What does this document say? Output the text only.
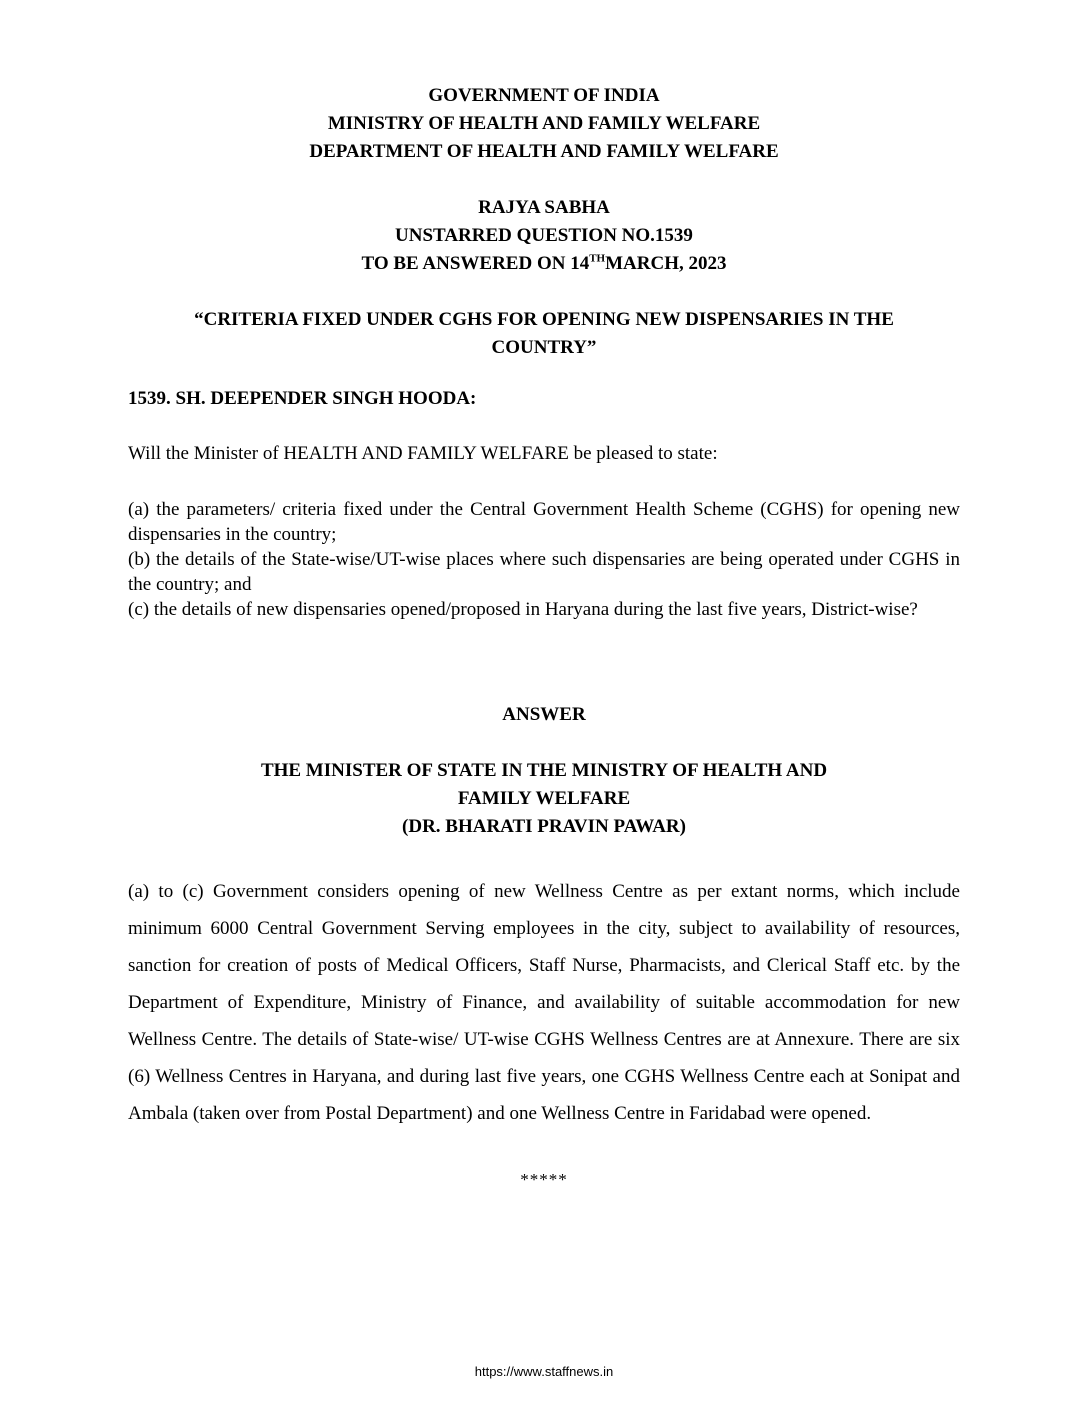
GOVERNMENT OF INDIA
MINISTRY OF HEALTH AND FAMILY WELFARE
DEPARTMENT OF HEALTH AND FAMILY WELFARE
RAJYA SABHA
UNSTARRED QUESTION NO.1539
TO BE ANSWERED ON 14THMARCH, 2023
“CRITERIA FIXED UNDER CGHS FOR OPENING NEW DISPENSARIES IN THE
COUNTRY”
1539. SH. DEEPENDER SINGH HOODA:
Will the Minister of HEALTH AND FAMILY WELFARE be pleased to state:
(a) the parameters/ criteria fixed under the Central Government Health Scheme (CGHS) for opening new dispensaries in the country;
(b) the details of the State-wise/UT-wise places where such dispensaries are being operated under CGHS in the country; and
(c) the details of new dispensaries opened/proposed in Haryana during the last five years, District-wise?
ANSWER
THE MINISTER OF STATE IN THE MINISTRY OF HEALTH AND
FAMILY WELFARE
(DR. BHARATI PRAVIN PAWAR)
(a) to (c) Government considers opening of new Wellness Centre as per extant norms, which include minimum 6000 Central Government Serving employees in the city, subject to availability of resources, sanction for creation of posts of Medical Officers, Staff Nurse, Pharmacists, and Clerical Staff etc. by the Department of Expenditure, Ministry of Finance, and availability of suitable accommodation for new Wellness Centre. The details of State-wise/ UT-wise CGHS Wellness Centres are at Annexure. There are six (6) Wellness Centres in Haryana, and during last five years, one CGHS Wellness Centre each at Sonipat and Ambala (taken over from Postal Department) and one Wellness Centre in Faridabad were opened.
*****
https://www.staffnews.in
